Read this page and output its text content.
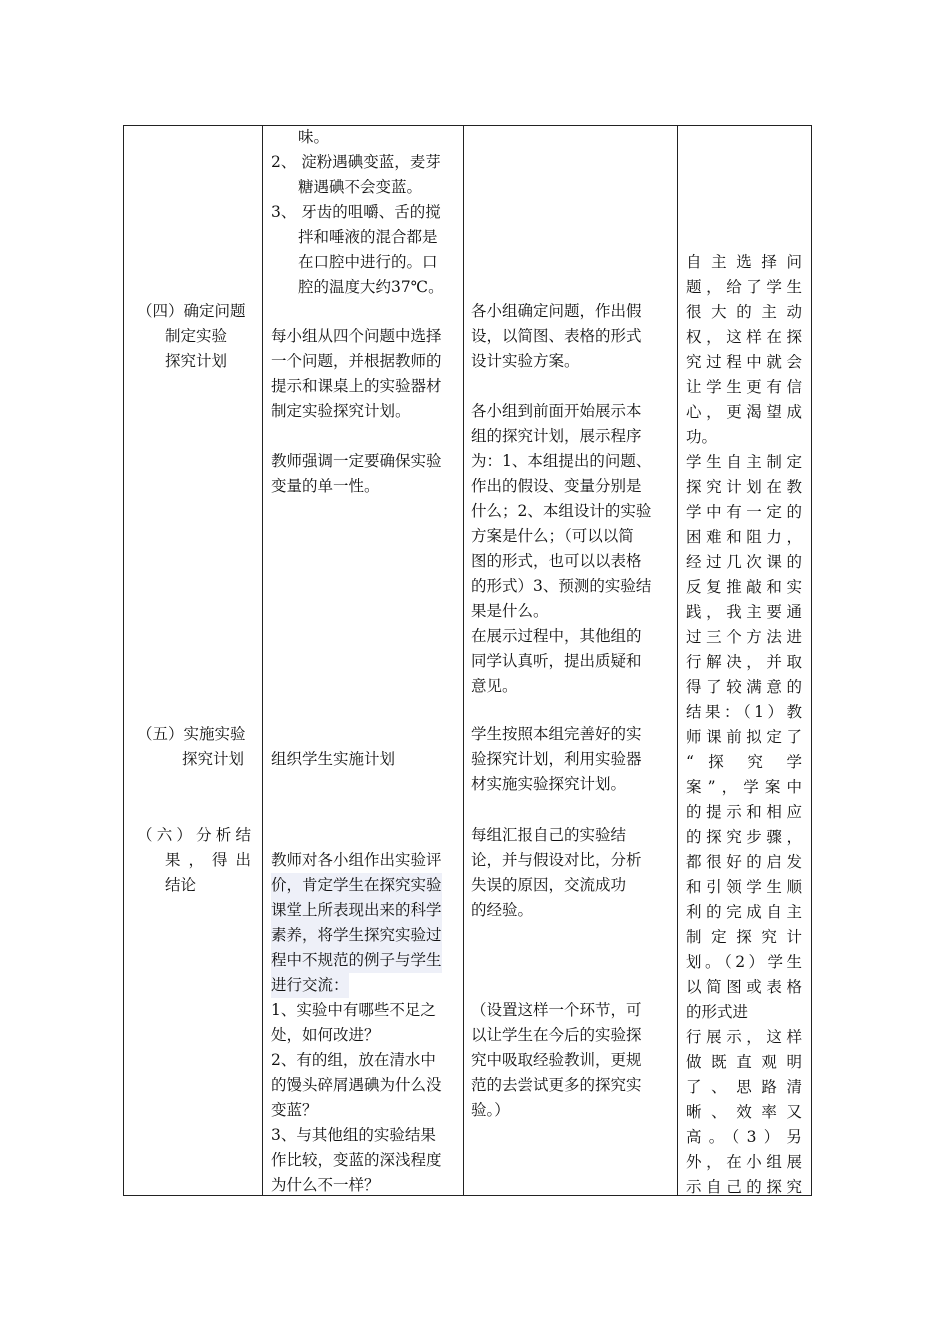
（四）确定问题
制定实验
探究计划
（五）实施实验
探究计划
（六）分析结
果，得出
结论
味。
2、 淀粉遇碘变蓝，麦芽
糖遇碘不会变蓝。
3、 牙齿的咀嚼、舌的搅
拌和唾液的混合都是
在口腔中进行的。口
腔的温度大约37℃。
每小组从四个问题中选择
一个问题，并根据教师的
提示和课桌上的实验器材
制定实验探究计划。
教师强调一定要确保实验
变量的单一性。
组织学生实施计划
教师对各小组作出实验评
价，肯定学生在探究实验
课堂上所表现出来的科学
素养，将学生探究实验过
程中不规范的例子与学生
进行交流：
1、实验中有哪些不足之
处，如何改进？
2、有的组，放在清水中
的馒头碎屑遇碘为什么没
变蓝？
3、与其他组的实验结果
作比较，变蓝的深浅程度
为什么不一样？
各小组确定问题，作出假
设，以简图、表格的形式
设计实验方案。
各小组到前面开始展示本
组的探究计划，展示程序
为：1、本组提出的问题、
作出的假设、变量分别是
什么；2、本组设计的实验
方案是什么；（可以以简
图的形式，也可以以表格
的形式）3、预测的实验结
果是什么。
在展示过程中，其他组的
同学认真听，提出质疑和
意见。
学生按照本组完善好的实
验探究计划，利用实验器
材实施实验探究计划。
每组汇报自己的实验结
论，并与假设对比，分析
失误的原因，交流成功
的经验。
（设置这样一个环节，可
以让学生在今后的实验探
究中吸取经验教训，更规
范的去尝试更多的探究实
验。）
自主选择问
题，给了学生
很大的主动
权，这样在探
究过程中就会
让学生更有信
心，更渴望成
功。
学生自主制定
探究计划在教
学中有一定的
困难和阻力，
经过几次课的
反复推敲和实
践，我主要通
过三个方法进
行解决，并取
得了较满意的
结果：（1）教
师课前拟定了
“ 探 究 学
案”，学案中
的提示和相应
的探究步骤，
都很好的启发
和引领学生顺
利的完成自主
制定探究计
划。（2）学生
以简图或表格
的形式进
行展示，这样
做既直观明
了、思路清
晰、效率又
高。（3）另
外，在小组展
示自己的探究
